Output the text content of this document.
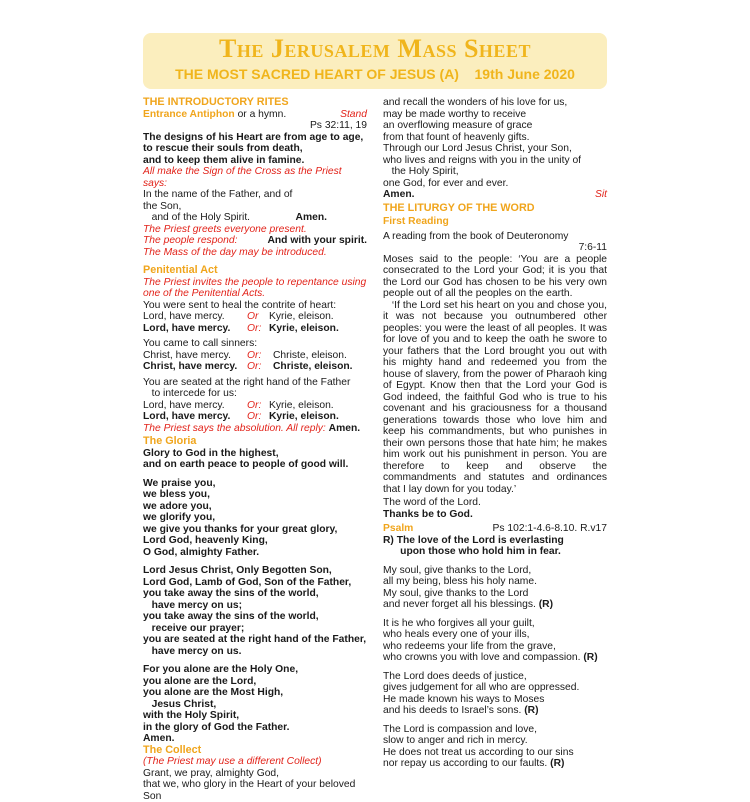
The Jerusalem Mass Sheet
THE MOST SACRED HEART OF JESUS (A)    19th June 2020
THE INTRODUCTORY RITES
Entrance Antiphon or a hymn.	Stand
Ps 32:11, 19
The designs of his Heart are from age to age,
to rescue their souls from death,
and to keep them alive in famine.
All make the Sign of the Cross as the Priest says:
In the name of the Father, and of the Son,
and of the Holy Spirit.	Amen.
The Priest greets everyone present.
The people respond:	And with your spirit.
The Mass of the day may be introduced.
Penitential Act
The Priest invites the people to repentance using one of the Penitential Acts.
You were sent to heal the contrite of heart:
Lord, have mercy. Or Kyrie, eleison.
Lord, have mercy. Or: Kyrie, eleison.
You came to call sinners:
Christ, have mercy. Or: Christe, eleison.
Christ, have mercy. Or: Christe, eleison.
You are seated at the right hand of the Father
to intercede for us:
Lord, have mercy. Or: Kyrie, eleison.
Lord, have mercy. Or: Kyrie, eleison.
The Priest says the absolution. All reply: Amen.
The Gloria
Glory to God in the highest,
and on earth peace to people of good will.
We praise you,
we bless you,
we adore you,
we glorify you,
we give you thanks for your great glory,
Lord God, heavenly King,
O God, almighty Father.
Lord Jesus Christ, Only Begotten Son,
Lord God, Lamb of God, Son of the Father,
you take away the sins of the world,
have mercy on us;
you take away the sins of the world,
receive our prayer;
you are seated at the right hand of the Father,
have mercy on us.
For you alone are the Holy One,
you alone are the Lord,
you alone are the Most High,
Jesus Christ,
with the Holy Spirit,
in the glory of God the Father.
Amen.
The Collect
(The Priest may use a different Collect)
Grant, we pray, almighty God,
that we, who glory in the Heart of your beloved Son
and recall the wonders of his love for us,
may be made worthy to receive
an overflowing measure of grace
from that fount of heavenly gifts.
Through our Lord Jesus Christ, your Son,
who lives and reigns with you in the unity of
the Holy Spirit,
one God, for ever and ever.
Amen.	Sit
THE LITURGY OF THE WORD
First Reading
A reading from the book of Deuteronomy
7:6-11
Moses said to the people: ‘You are a people consecrated to the Lord your God; it is you that the Lord our God has chosen to be his very own people out of all the peoples on the earth.
‘If the Lord set his heart on you and chose you, it was not because you outnumbered other peoples: you were the least of all peoples. It was for love of you and to keep the oath he swore to your fathers that the Lord brought you out with his mighty hand and redeemed you from the house of slavery, from the power of Pharaoh king of Egypt. Know then that the Lord your God is God indeed, the faithful God who is true to his covenant and his graciousness for a thousand generations towards those who love him and keep his commandments, but who punishes in their own persons those that hate him; he makes him work out his punishment in person. You are therefore to keep and observe the commandments and statutes and ordinances that I lay down for you today.’
The word of the Lord.
Thanks be to God.
Psalm	Ps 102:1-4.6-8.10. R.v17
R) The love of the Lord is everlasting
upon those who hold him in fear.
My soul, give thanks to the Lord,
all my being, bless his holy name.
My soul, give thanks to the Lord
and never forget all his blessings. (R)
It is he who forgives all your guilt,
who heals every one of your ills,
who redeems your life from the grave,
who crowns you with love and compassion. (R)
The Lord does deeds of justice,
gives judgement for all who are oppressed.
He made known his ways to Moses
and his deeds to Israel’s sons. (R)
The Lord is compassion and love,
slow to anger and rich in mercy.
He does not treat us according to our sins
nor repay us according to our faults. (R)
